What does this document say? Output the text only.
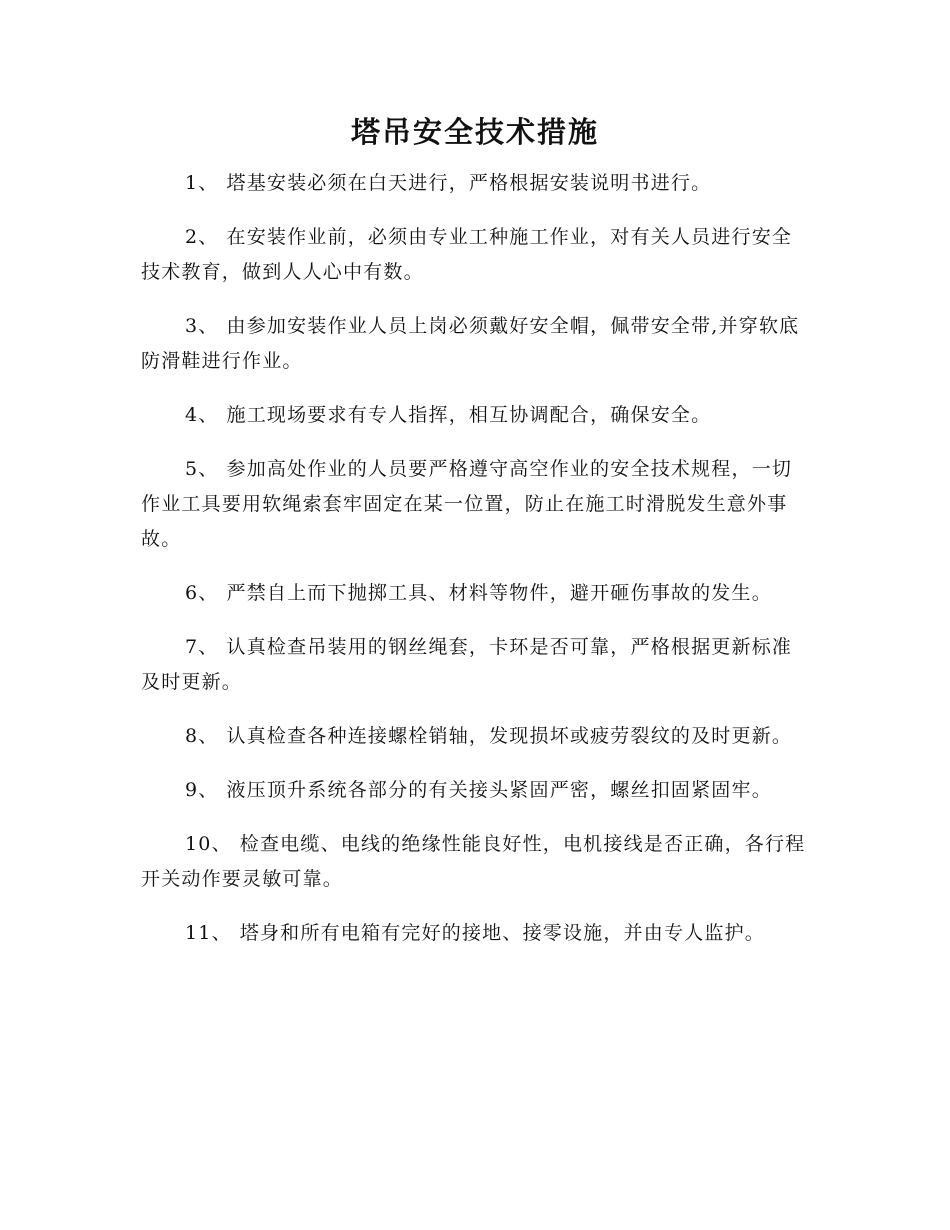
塔吊安全技术措施

1、 塔基安装必须在白天进行，严格根据安装说明书进行。

2、 在安装作业前，必须由专业工种施工作业，对有关人员进行安全技术教育，做到人人心中有数。

3、 由参加安装作业人员上岗必须戴好安全帽，佩带安全带,并穿软底防滑鞋进行作业。

4、 施工现场要求有专人指挥，相互协调配合，确保安全。

5、 参加高处作业的人员要严格遵守高空作业的安全技术规程，一切作业工具要用软绳索套牢固定在某一位置，防止在施工时滑脱发生意外事故。

6、 严禁自上而下抛掷工具、材料等物件，避开砸伤事故的发生。

7、 认真检查吊装用的钢丝绳套，卡环是否可靠，严格根据更新标准及时更新。

8、 认真检查各种连接螺栓销轴，发现损坏或疲劳裂纹的及时更新。

9、 液压顶升系统各部分的有关接头紧固严密，螺丝扣固紧固牢。

10、 检查电缆、电线的绝缘性能良好性，电机接线是否正确，各行程开关动作要灵敏可靠。

11、 塔身和所有电箱有完好的接地、接零设施，并由专人监护。
